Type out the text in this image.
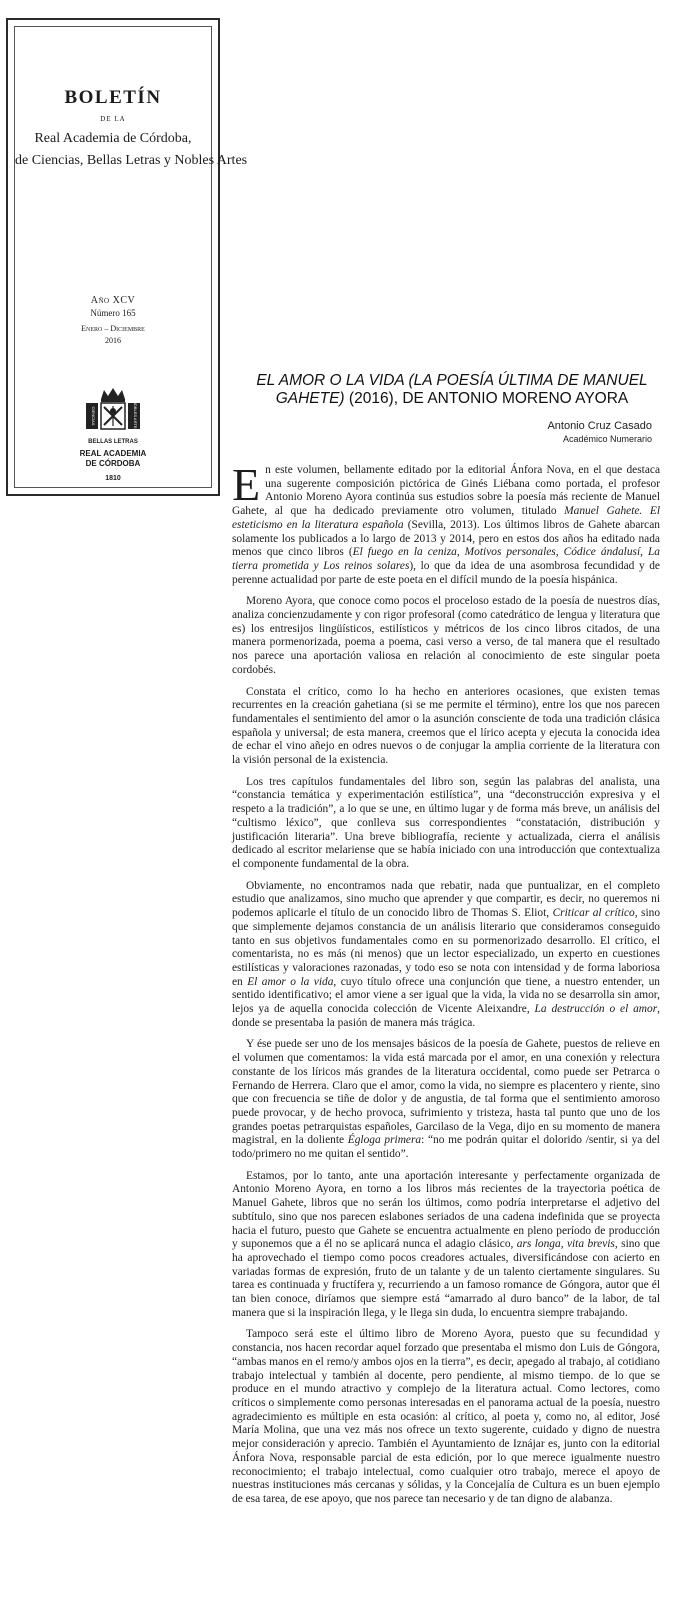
BOLETÍN
DE LA
Real Academia de Córdoba,
de Ciencias, Bellas Letras y Nobles Artes
Año XCV
Número 165
Enero – Diciembre
2016
CIENCIAS	NOBLES ARTES
BELLAS LETRAS
REAL ACADEMIA
DE CÓRDOBA
1810
EL AMOR O LA VIDA (LA POESÍA ÚLTIMA DE MANUEL GAHETE) (2016), DE ANTONIO MORENO AYORA
Antonio Cruz Casado
Académico Numerario

En este volumen, bellamente editado por la editorial Ánfora Nova, en el que destaca una sugerente composición pictórica de Ginés Liébana como portada, el profesor Antonio Moreno Ayora continúa sus estudios sobre la poesía más reciente de Manuel Gahete, al que ha dedicado previamente otro volumen, titulado Manuel Gahete. El esteticismo en la literatura española (Sevilla, 2013). Los últimos libros de Gahete abarcan solamente los publicados a lo largo de 2013 y 2014, pero en estos dos años ha editado nada menos que cinco libros (El fuego en la ceniza, Motivos personales, Códice ándalusí, La tierra prometida y Los reinos solares), lo que da idea de una asombrosa fecundidad y de perenne actualidad por parte de este poeta en el difícil mundo de la poesía hispánica.

Moreno Ayora, que conoce como pocos el proceloso estado de la poesía de nuestros días, analiza concienzudamente y con rigor profesoral (como catedrático de lengua y literatura que es) los entresijos lingüísticos, estilísticos y métricos de los cinco libros citados, de una manera pormenorizada, poema a poema, casi verso a verso, de tal manera que el resultado nos parece una aportación valiosa en relación al conocimiento de este singular poeta cordobés.

Constata el crítico, como lo ha hecho en anteriores ocasiones, que existen temas recurrentes en la creación gahetiana (si se me permite el término), entre los que nos parecen fundamentales el sentimiento del amor o la asunción consciente de toda una tradición clásica española y universal; de esta manera, creemos que el lírico acepta y ejecuta la conocida idea de echar el vino añejo en odres nuevos o de conjugar la amplia corriente de la literatura con la visión personal de la existencia.

Los tres capítulos fundamentales del libro son, según las palabras del analista, una “constancia temática y experimentación estilística”, una “deconstrucción expresiva y el respeto a la tradición”, a lo que se une, en último lugar y de forma más breve, un análisis del “cultismo léxico”, que conlleva sus correspondientes “constatación, distribución y justificación literaria”. Una breve bibliografía, reciente y actualizada, cierra el análisis dedicado al escritor melariense que se había iniciado con una introducción que contextualiza el componente fundamental de la obra.

Obviamente, no encontramos nada que rebatir, nada que puntualizar, en el completo estudio que analizamos, sino mucho que aprender y que compartir, es decir, no queremos ni podemos aplicarle el título de un conocido libro de Thomas S. Eliot, Criticar al crítico, sino que simplemente dejamos constancia de un análisis literario que consideramos conseguido tanto en sus objetivos fundamentales como en su pormenorizado desarrollo. El crítico, el comentarista, no es más (ni menos) que un lector especializado, un experto en cuestiones estilísticas y valoraciones razonadas, y todo eso se nota con intensidad y de forma laboriosa en El amor o la vida, cuyo título ofrece una conjunción que tiene, a nuestro entender, un sentido identificativo; el amor viene a ser igual que la vida, la vida no se desarrolla sin amor, lejos ya de aquella conocida colección de Vicente Aleixandre, La destrucción o el amor, donde se presentaba la pasión de manera más trágica.

Y ése puede ser uno de los mensajes básicos de la poesía de Gahete, puestos de relieve en el volumen que comentamos: la vida está marcada por el amor, en una conexión y relectura constante de los líricos más grandes de la literatura occidental, como puede ser Petrarca o Fernando de Herrera. Claro que el amor, como la vida, no siempre es placentero y riente, sino que con frecuencia se tiñe de dolor y de angustia, de tal forma que el sentimiento amoroso puede provocar, y de hecho provoca, sufrimiento y tristeza, hasta tal punto que uno de los grandes poetas petrarquistas españoles, Garcilaso de la Vega, dijo en su momento de manera magistral, en la doliente Égloga primera: “no me podrán quitar el dolorido /sentir, si ya del todo/primero no me quitan el sentido”.

Estamos, por lo tanto, ante una aportación interesante y perfectamente organizada de Antonio Moreno Ayora, en torno a los libros más recientes de la trayectoria poética de Manuel Gahete, libros que no serán los últimos, como podría interpretarse el adjetivo del subtítulo, sino que nos parecen eslabones seriados de una cadena indefinida que se proyecta hacia el futuro, puesto que Gahete se encuentra actualmente en pleno período de producción y suponemos que a él no se aplicará nunca el adagio clásico, ars longa, vita brevis, sino que ha aprovechado el tiempo como pocos creadores actuales, diversificándose con acierto en variadas formas de expresión, fruto de un talante y de un talento ciertamente singulares. Su tarea es continuada y fructífera y, recurriendo a un famoso romance de Góngora, autor que él tan bien conoce, diríamos que siempre está “amarrado al duro banco” de la labor, de tal manera que si la inspiración llega, y le llega sin duda, lo encuentra siempre trabajando.

Tampoco será este el último libro de Moreno Ayora, puesto que su fecundidad y constancia, nos hacen recordar aquel forzado que presentaba el mismo don Luis de Góngora, “ambas manos en el remo/y ambos ojos en la tierra”, es decir, apegado al trabajo, al cotidiano trabajo intelectual y también al docente, pero pendiente, al mismo tiempo. de lo que se produce en el mundo atractivo y complejo de la literatura actual. Como lectores, como críticos o simplemente como personas interesadas en el panorama actual de la poesía, nuestro agradecimiento es múltiple en esta ocasión: al crítico, al poeta y, como no, al editor, José María Molina, que una vez más nos ofrece un texto sugerente, cuidado y digno de nuestra mejor consideración y aprecio. También el Ayuntamiento de Iznájar es, junto con la editorial Ánfora Nova, responsable parcial de esta edición, por lo que merece igualmente nuestro reconocimiento; el trabajo intelectual, como cualquier otro trabajo, merece el apoyo de nuestras instituciones más cercanas y sólidas, y la Concejalía de Cultura es un buen ejemplo de esa tarea, de ese apoyo, que nos parece tan necesario y de tan digno de alabanza.
